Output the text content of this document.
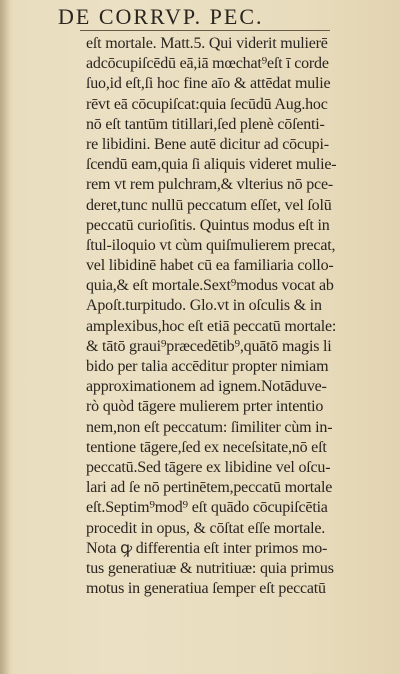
DE CORRVP. PEC.
eſt mortale. Matt.5. Qui viderit mulierē
adcōcupiſcēdū eā,iā mœchat⁹eſt ī corde
ſuo,id eſt,ſi hoc fine aīo & attēdat mulie
rēvt eā cōcupiſcat:quia ſecūdū Aug.hoc
nō eſt tantūm titillari,ſed plenè cōſenti-
re libidini. Bene autē dicitur ad cōcupi-
ſcendū eam,quia ſi aliquis videret mulie-
rem vt rem pulchram,& vlterius nō pce-
deret,tunc nullū peccatum eſſet, vel ſolū
peccatū curioſitis. Quintus modus eſt in
ſtul-iloquio vt cùm quiſmulierem precat,
vel libidinē habet cū ea familiaria collo-
quia,& eſt mortale.Sext⁹modus vocat ab
Apoſt.turpitudo. Glo.vt in oſculis & in
amplexibus,hoc eſt etiā peccatū mortale:
& tātō graui⁹præcedētib⁹,quātō magis li
bido per talia accēditur propter nimiam
approximationem ad ignem.Notāduve-
rò quòd tāgere mulierem prter intentio
nem,non eſt peccatum: ſimiliter cùm in-
tentione tāgere,ſed ex neceſsitate,nō eſt
peccatū.Sed tāgere ex libidine vel oſcu-
lari ad ſe nō pertinētem,peccatū mortale
eſt.Septim⁹mod⁹ eſt quādo cōcupiſcētia
procedit in opus, & cōſtat eſſe mortale.
Nota ꝙ differentia eſt inter primos mo-
tus generatiuæ & nutritiuæ: quia primus
motus in generatiua ſemper eſt peccatū
